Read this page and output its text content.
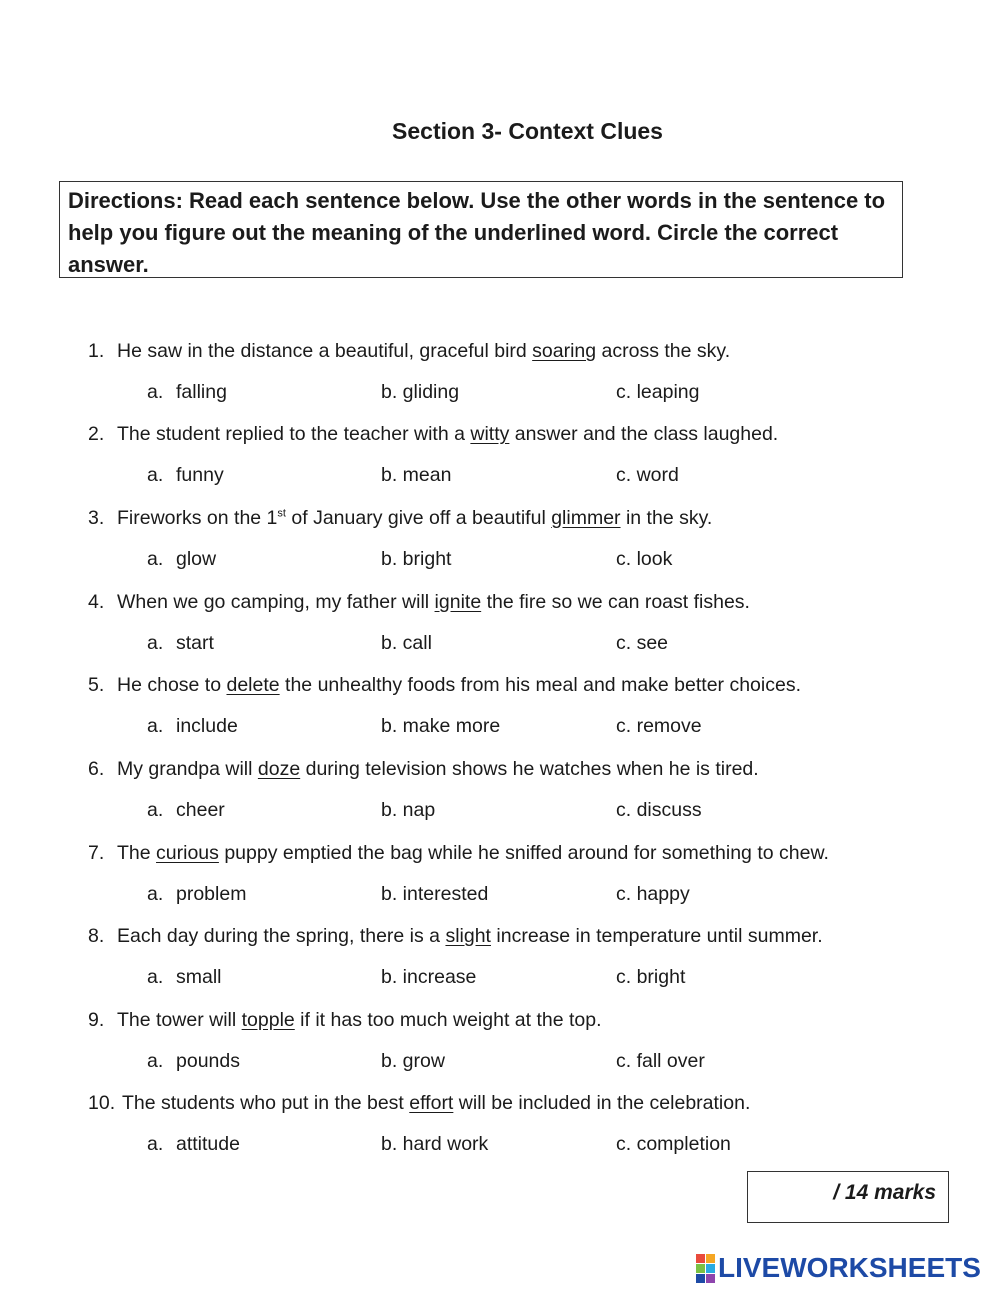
Section 3- Context Clues
Directions: Read each sentence below. Use the other words in the sentence to help you figure out the meaning of the underlined word. Circle the correct answer.
1. He saw in the distance a beautiful, graceful bird soaring across the sky.
a. falling	b. gliding	c. leaping
2. The student replied to the teacher with a witty answer and the class laughed.
a. funny	b. mean	c. word
3. Fireworks on the 1st of January give off a beautiful glimmer in the sky.
a. glow	b. bright	c. look
4. When we go camping, my father will ignite the fire so we can roast fishes.
a. start	b. call	c. see
5. He chose to delete the unhealthy foods from his meal and make better choices.
a. include	b. make more	c. remove
6. My grandpa will doze during television shows he watches when he is tired.
a. cheer	b. nap	c. discuss
7. The curious puppy emptied the bag while he sniffed around for something to chew.
a. problem	b. interested	c. happy
8. Each day during the spring, there is a slight increase in temperature until summer.
a. small	b. increase	c. bright
9. The tower will topple if it has too much weight at the top.
a. pounds	b. grow	c. fall over
10. The students who put in the best effort will be included in the celebration.
a. attitude	b. hard work	c. completion
/ 14 marks
LIVEWORKSHEETS
